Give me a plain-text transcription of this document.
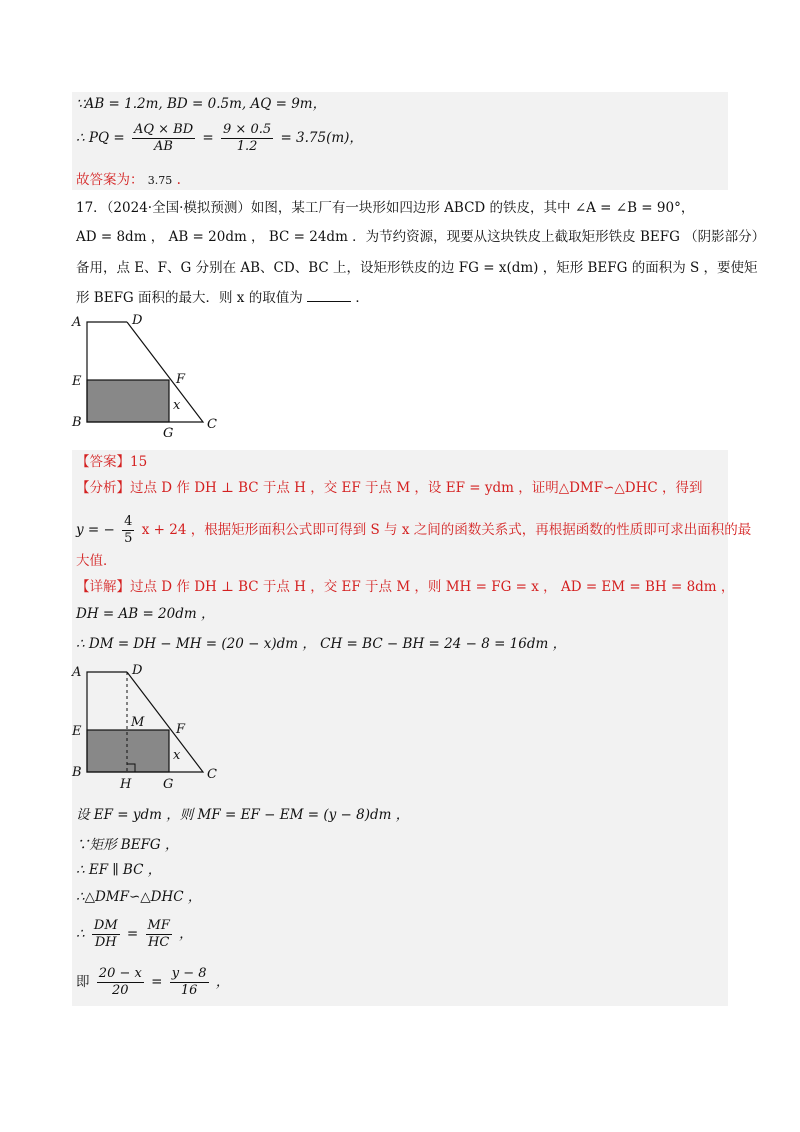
∵AB = 1.2m, BD = 0.5m, AQ = 9m，
∴ PQ = $\frac{AQ \times BD}{AB} = \frac{9 \times 0.5}{1.2} = 3.75(m)$，
故答案为： 3.75 .
17．（2024·全国·模拟预测）如图，某工厂有一块形如四边形 ABCD 的铁皮，其中 ∠A = ∠B = 90°，
AD = 8dm ， AB = 20dm ， BC = 24dm ．为节约资源，现要从这块铁皮上截取矩形铁皮 BEFG （阴影部分）
备用，点 E、F、G 分别在 AB、CD、BC 上，设矩形铁皮的边 FG = x(dm) ，矩形 BEFG 的面积为 S ，要使矩
形 BEFG 面积的最大．则 x 的取值为	．
A	D
E	F
x
B
G
C
【答案】15
【分析】过点 D 作 DH ⊥ BC 于点 H ，交 EF 于点 M ，设 EF = ydm ，证明△DMF∽△DHC ，得到
y = − $\frac{4}{5}$ x + 24 ，根据矩形面积公式即可得到 S 与 x 之间的函数关系式，再根据函数的性质即可求出面积的最
大值．
【详解】过点 D 作 DH ⊥ BC 于点 H ，交 EF 于点 M ，则 MH = FG = x ， AD = EM = BH = 8dm ，
DH = AB = 20dm ，
∴ DM = DH − MH = (20 − x)dm ， CH = BC − BH = 24 − 8 = 16dm ，
A	D
M
E	F
x
B
H G
C
设 EF = ydm ，则 MF = EF − EM = (y − 8)dm ，
∵矩形 BEFG ，
∴ EF ∥ BC ，
∴△DMF∽△DHC ，
∴ $\frac{DM}{DH} = \frac{MF}{HC}$ ，
即 $\frac{20 - x}{20} = \frac{y - 8}{16}$ ，
